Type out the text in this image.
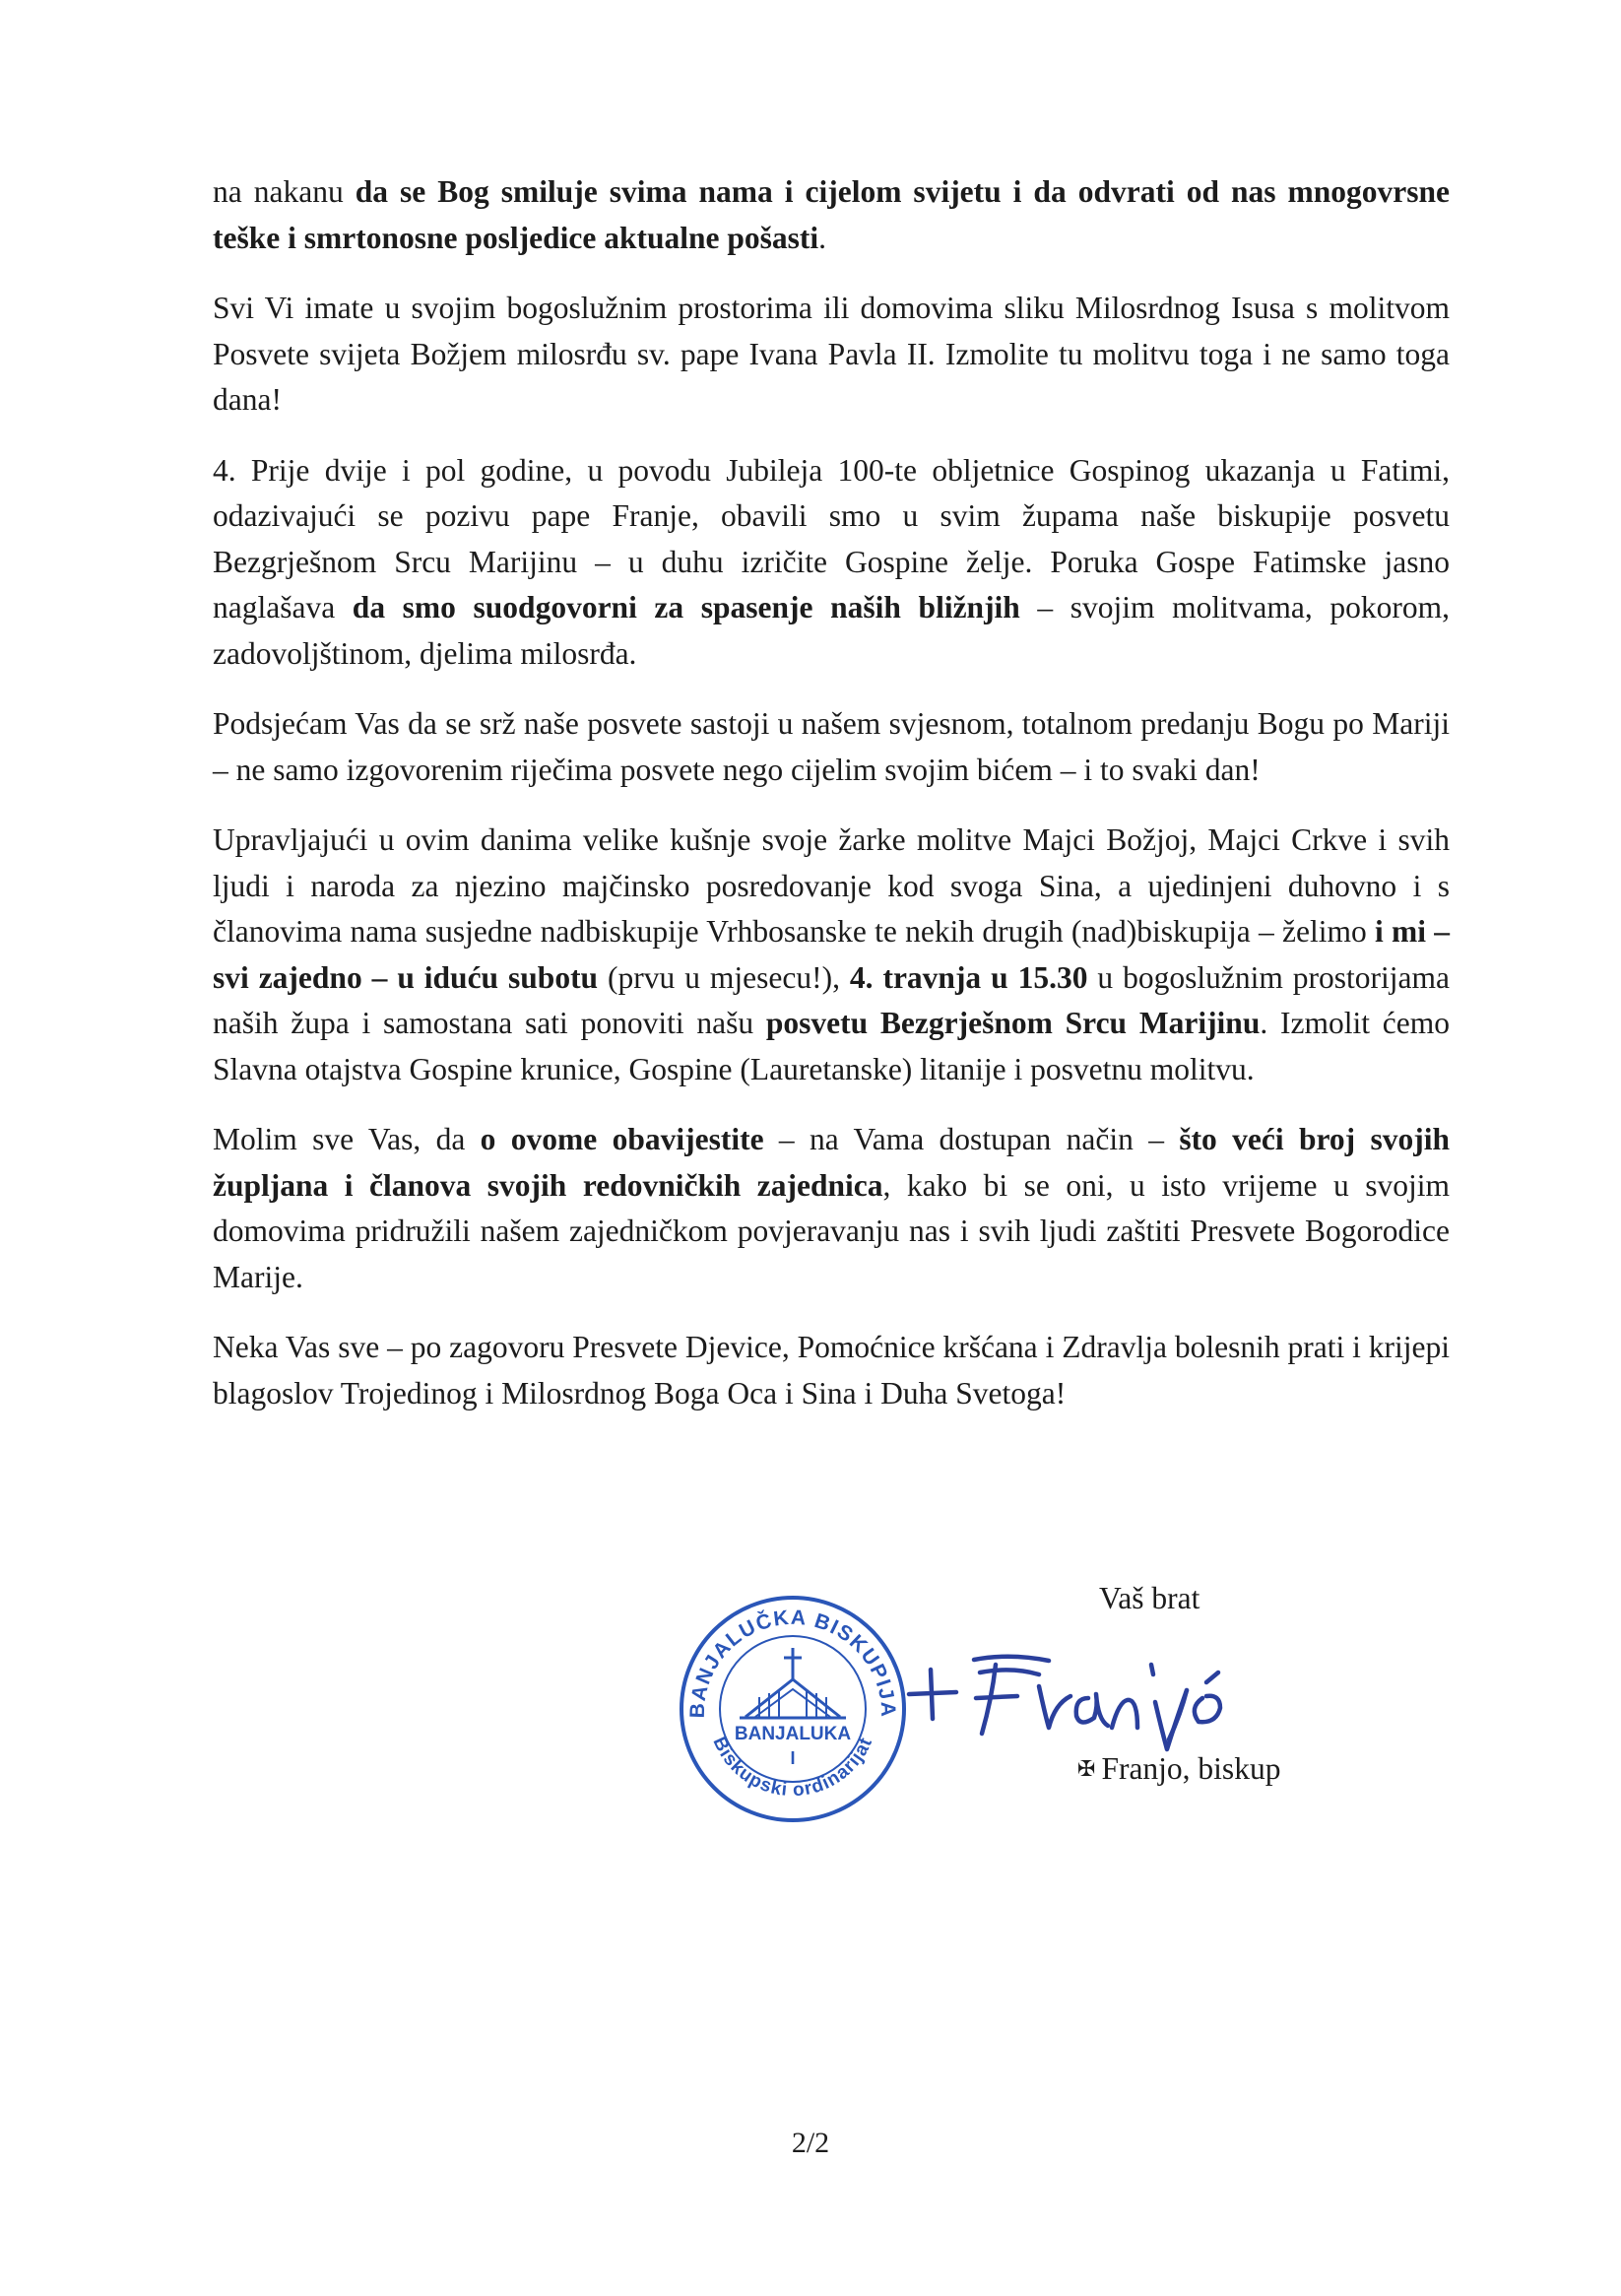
na nakanu da se Bog smiluje svima nama i cijelom svijetu i da odvrati od nas mnogovrsne teške i smrtonosne posljedice aktualne pošasti.

Svi Vi imate u svojim bogoslužnim prostorima ili domovima sliku Milosrdnog Isusa s molitvom Posvete svijeta Božjem milosrđu sv. pape Ivana Pavla II. Izmolite tu molitvu toga i ne samo toga dana!

4. Prije dvije i pol godine, u povodu Jubileja 100-te obljetnice Gospinog ukazanja u Fatimi, odazivajući se pozivu pape Franje, obavili smo u svim župama naše biskupije posvetu Bezgrješnom Srcu Marijinu – u duhu izričite Gospine želje. Poruka Gospe Fatimske jasno naglašava da smo suodgovorni za spasenje naših bližnjih – svojim molitvama, pokorom, zadovoljštinom, djelima milosrđa.

Podsjećam Vas da se srž naše posvete sastoji u našem svjesnom, totalnom predanju Bogu po Mariji – ne samo izgovorenim riječima posvete nego cijelim svojim bićem – i to svaki dan!

Upravljajući u ovim danima velike kušnje svoje žarke molitve Majci Božjoj, Majci Crkve i svih ljudi i naroda za njezino majčinsko posredovanje kod svoga Sina, a ujedinjeni duhovno i s članovima nama susjedne nadbiskupije Vrhbosanske te nekih drugih (nad)biskupija – želimo i mi – svi zajedno – u iduću subotu (prvu u mjesecu!), 4. travnja u 15.30 u bogoslužnim prostorijama naših župa i samostana sati ponoviti našu posvetu Bezgrješnom Srcu Marijinu. Izmolit ćemo Slavna otajstva Gospine krunice, Gospine (Lauretanske) litanije i posvetnu molitvu.

Molim sve Vas, da o ovome obavijestite – na Vama dostupan način – što veći broj svojih župljana i članova svojih redovničkih zajednica, kako bi se oni, u isto vrijeme u svojim domovima pridružili našem zajedničkom povjeravanju nas i svih ljudi zaštiti Presvete Bogorodice Marije.

Neka Vas sve – po zagovoru Presvete Djevice, Pomoćnice kršćana i Zdravlja bolesnih prati i krijepi blagoslov Trojedinog i Milosrdnog Boga Oca i Sina i Duha Svetoga!

Vaš brat
BANJALUČKA BISKUPIJA
Biskupski ordinarijat
BANJALUKA
I
+Franjo
✠ Franjo, biskup
2/2
